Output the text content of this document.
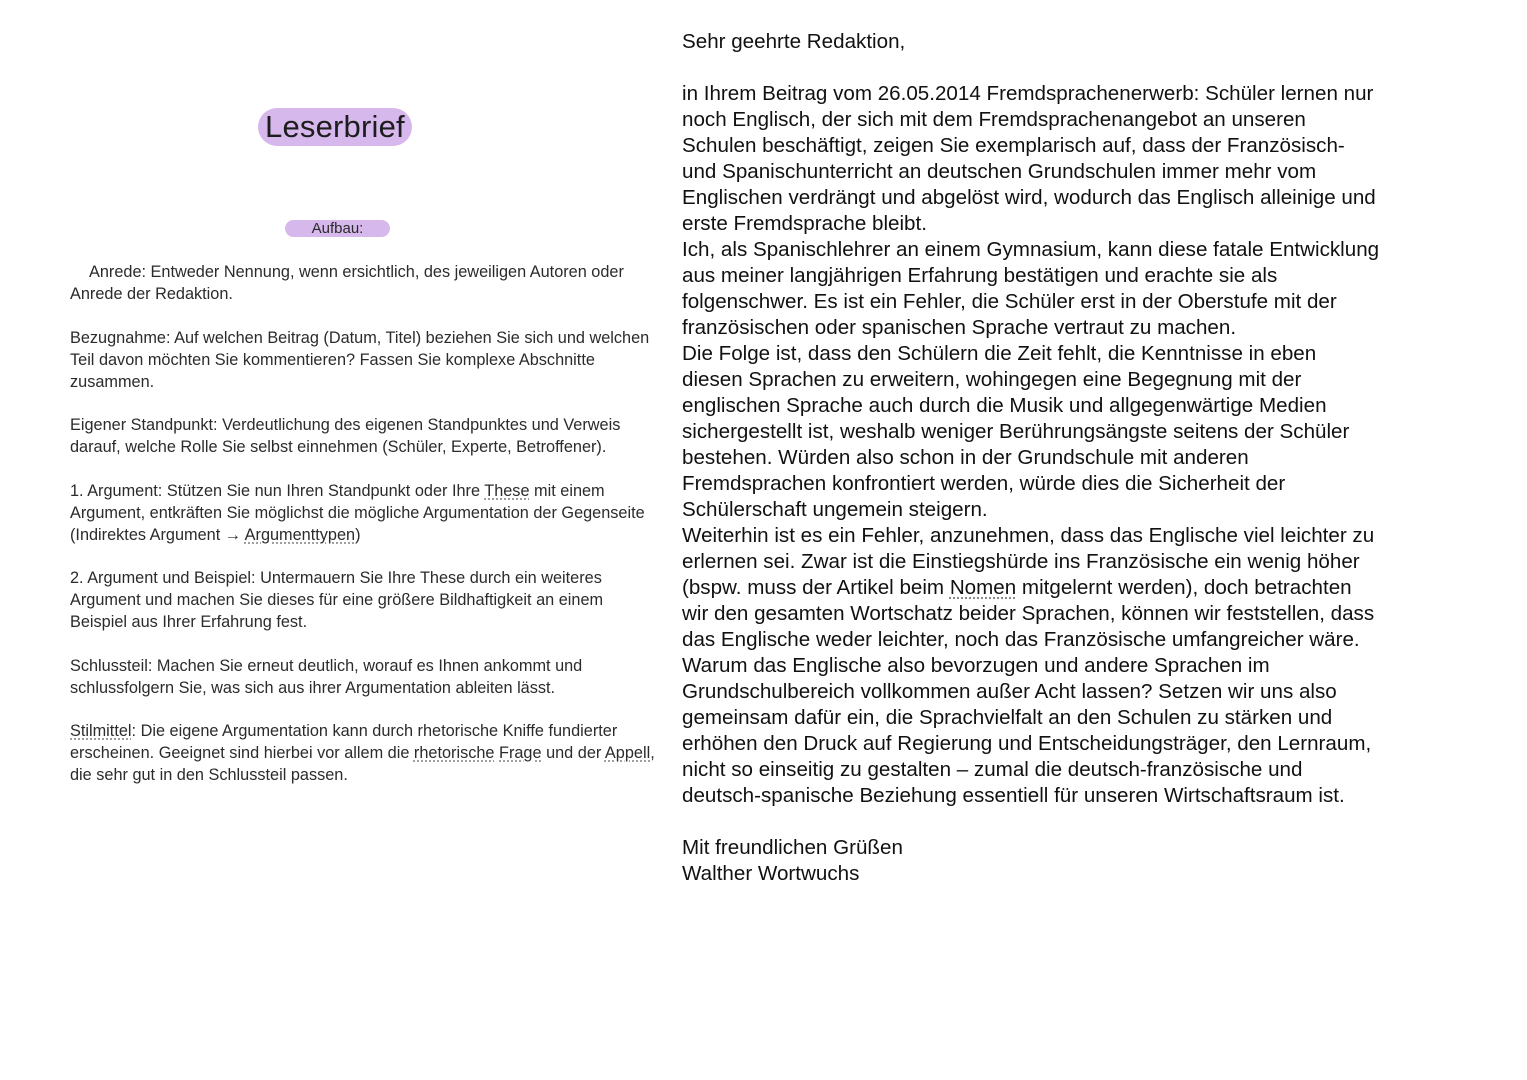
Leserbrief
Aufbau:

Anrede: Entweder Nennung, wenn ersichtlich, des jeweiligen Autoren oder Anrede der Redaktion.

Bezugnahme: Auf welchen Beitrag (Datum, Titel) beziehen Sie sich und welchen Teil davon möchten Sie kommentieren? Fassen Sie komplexe Abschnitte zusammen.

Eigener Standpunkt: Verdeutlichung des eigenen Standpunktes und Verweis darauf, welche Rolle Sie selbst einnehmen (Schüler, Experte, Betroffener).

1. Argument: Stützen Sie nun Ihren Standpunkt oder Ihre These mit einem Argument, entkräften Sie möglichst die mögliche Argumentation der Gegenseite (Indirektes Argument → Argumenttypen)

2. Argument und Beispiel: Untermauern Sie Ihre These durch ein weiteres Argument und machen Sie dieses für eine größere Bildhaftigkeit an einem Beispiel aus Ihrer Erfahrung fest.

Schlussteil: Machen Sie erneut deutlich, worauf es Ihnen ankommt und schlussfolgern Sie, was sich aus ihrer Argumentation ableiten lässt.

Stilmittel: Die eigene Argumentation kann durch rhetorische Kniffe fundierter erscheinen. Geeignet sind hierbei vor allem die rhetorische Frage und der Appell, die sehr gut in den Schlussteil passen.

Sehr geehrte Redaktion,

in Ihrem Beitrag vom 26.05.2014 Fremdsprachenerwerb: Schüler lernen nur noch Englisch, der sich mit dem Fremdsprachenangebot an unseren Schulen beschäftigt, zeigen Sie exemplarisch auf, dass der Französisch- und Spanischunterricht an deutschen Grundschulen immer mehr vom Englischen verdrängt und abgelöst wird, wodurch das Englisch alleinige und erste Fremdsprache bleibt.

Ich, als Spanischlehrer an einem Gymnasium, kann diese fatale Entwicklung aus meiner langjährigen Erfahrung bestätigen und erachte sie als folgenschwer. Es ist ein Fehler, die Schüler erst in der Oberstufe mit der französischen oder spanischen Sprache vertraut zu machen.

Die Folge ist, dass den Schülern die Zeit fehlt, die Kenntnisse in eben diesen Sprachen zu erweitern, wohingegen eine Begegnung mit der englischen Sprache auch durch die Musik und allgegenwärtige Medien sichergestellt ist, weshalb weniger Berührungsängste seitens der Schüler bestehen. Würden also schon in der Grundschule mit anderen Fremdsprachen konfrontiert werden, würde dies die Sicherheit der Schülerschaft ungemein steigern.

Weiterhin ist es ein Fehler, anzunehmen, dass das Englische viel leichter zu erlernen sei. Zwar ist die Einstiegshürde ins Französische ein wenig höher (bspw. muss der Artikel beim Nomen mitgelernt werden), doch betrachten wir den gesamten Wortschatz beider Sprachen, können wir feststellen, dass das Englische weder leichter, noch das Französische umfangreicher wäre.

Warum das Englische also bevorzugen und andere Sprachen im Grundschulbereich vollkommen außer Acht lassen? Setzen wir uns also gemeinsam dafür ein, die Sprachvielfalt an den Schulen zu stärken und erhöhen den Druck auf Regierung und Entscheidungsträger, den Lernraum, nicht so einseitig zu gestalten – zumal die deutsch-französische und deutsch-spanische Beziehung essentiell für unseren Wirtschaftsraum ist.

Mit freundlichen Grüßen

Walther Wortwuchs
